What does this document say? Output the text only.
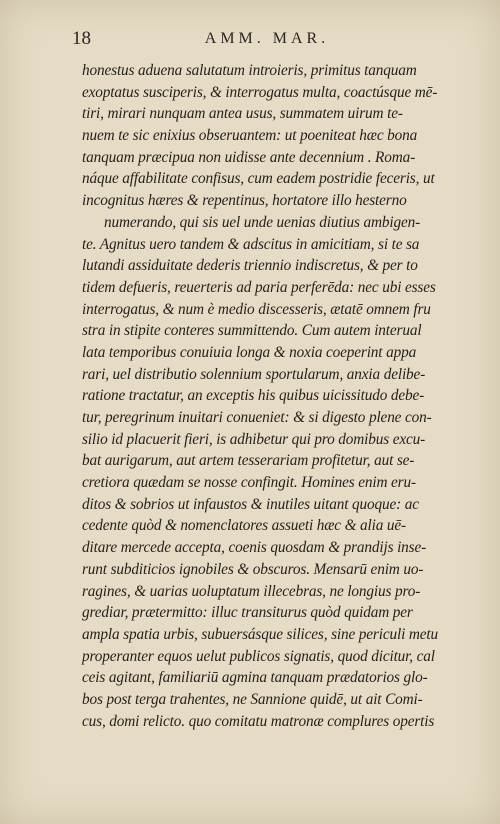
18	AMM. MAR.
honestus aduena salutatum introieris, primitus tanquam
exoptatus susciperis, & interrogatus multa, coactúsque mē-
tiri, mirari nunquam antea usus, summatem uirum te-
nuem te sic enixius obseruantem: ut poeniteat hæc bona
tanquam præcipua non uidisse ante decennium . Roma-
náque affabilitate confisus, cum eadem postridie feceris, ut
incognitus hæres & repentinus, hortatore illo hesterno
numerando, qui sis uel unde uenias diutius ambigen-
te. Agnitus uero tandem & adscitus in amicitiam, si te sa
lutandi assiduitate dederis triennio indiscretus, & per to
tidem defueris, reuerteris ad paria perferēda: nec ubi esses
interrogatus, & num è medio discesseris, ætatē omnem fru
stra in stipite conteres summittendo. Cum autem interual
lata temporibus conuiuia longa & noxia coeperint appa
rari, uel distributio solennium sportularum, anxia delibe-
ratione tractatur, an exceptis his quibus uicissitudo debe-
tur, peregrinum inuitari conueniet: & si digesto plene con-
silio id placuerit fieri, is adhibetur qui pro domibus excu-
bat aurigarum, aut artem tesserariam profitetur, aut se-
cretiora quædam se nosse confingit. Homines enim eru-
ditos & sobrios ut infaustos & inutiles uitant quoque: ac
cedente quòd & nomenclatores assueti hæc & alia uē-
ditare mercede accepta, coenis quosdam & prandijs inse-
runt subditicios ignobiles & obscuros. Mensarū enim uo-
ragines, & uarias uoluptatum illecebras, ne longius pro-
grediar, prætermitto: illuc transiturus quòd quidam per
ampla spatia urbis, subuersásque silices, sine periculi metu
properanter equos uelut publicos signatis, quod dicitur, cal
ceis agitant, familiariū agmina tanquam prædatorios glo-
bos post terga trahentes, ne Sannione quidē, ut ait Comi-
cus, domi relicto. quo comitatu matronæ complures opertis
